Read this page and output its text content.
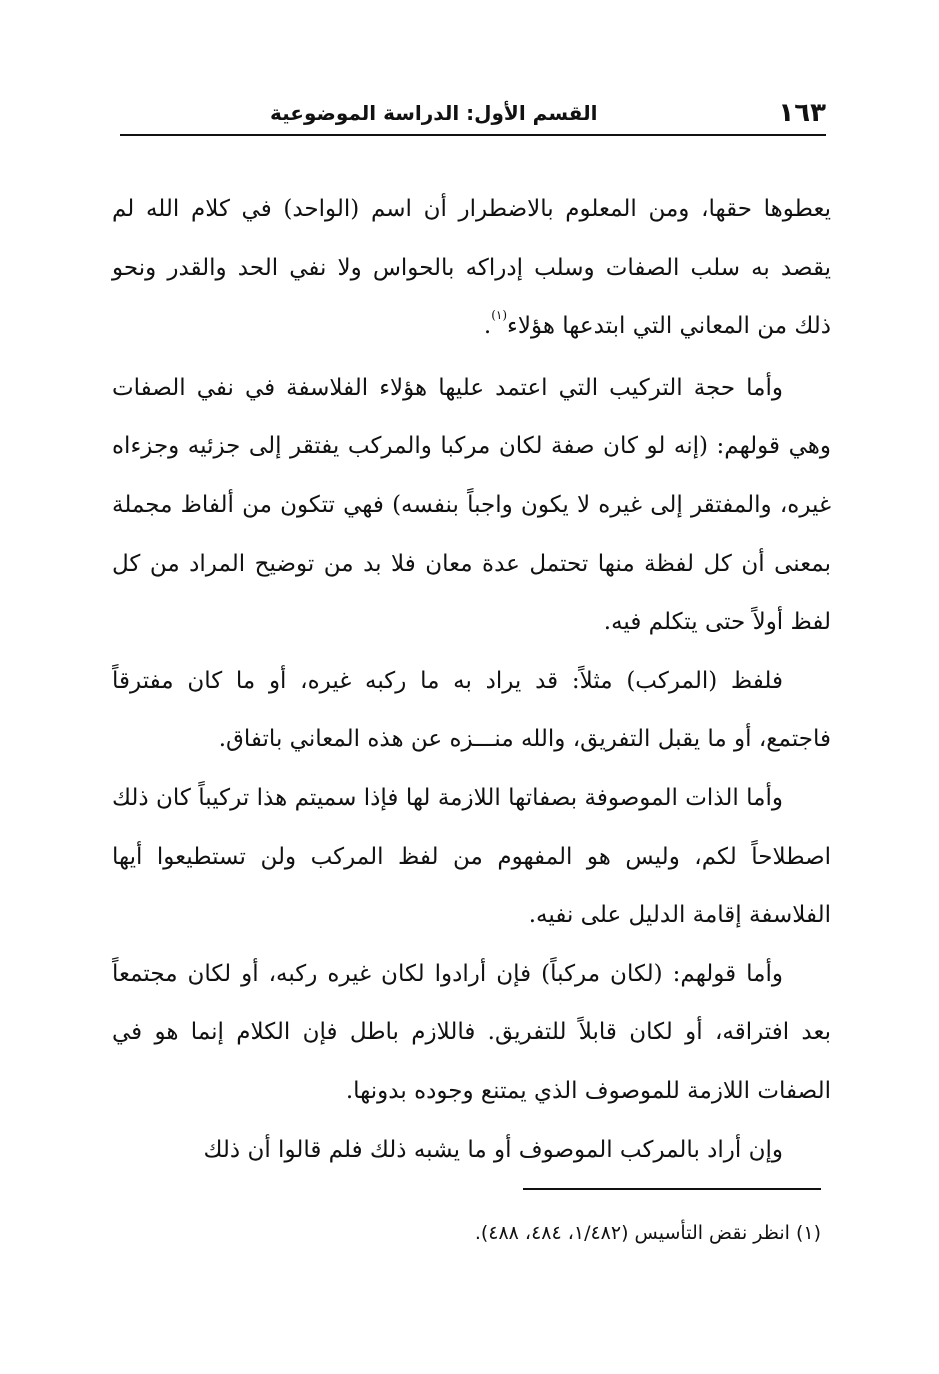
١٦٣
القسم الأول: الدراسة الموضوعية

يعطوها حقها، ومن المعلوم بالاضطرار أن اسم (الواحد) في كلام الله لم يقصد به سلب الصفات وسلب إدراكه بالحواس ولا نفي الحد والقدر ونحو ذلك من المعاني التي ابتدعها هؤلاء$^{(١)}$.

وأما حجة التركيب التي اعتمد عليها هؤلاء الفلاسفة في نفي الصفات وهي قولهم: (إنه لو كان صفة لكان مركبا والمركب يفتقر إلى جزئيه وجزءاه غيره، والمفتقر إلى غيره لا يكون واجباً بنفسه) فهي تتكون من ألفاظ مجملة بمعنى أن كل لفظة منها تحتمل عدة معان فلا بد من توضيح المراد من كل لفظ أولاً حتى يتكلم فيه.

فلفظ (المركب) مثلاً: قد يراد به ما ركبه غيره، أو ما كان مفترقاً فاجتمع، أو ما يقبل التفريق، والله منـــزه عن هذه المعاني باتفاق.

وأما الذات الموصوفة بصفاتها اللازمة لها فإذا سميتم هذا تركيباً كان ذلك اصطلاحاً لكم، وليس هو المفهوم من لفظ المركب ولن تستطيعوا أيها الفلاسفة إقامة الدليل على نفيه.

وأما قولهم: (لكان مركباً) فإن أرادوا لكان غيره ركبه، أو لكان مجتمعاً بعد افتراقه، أو لكان قابلاً للتفريق. فاللازم باطل فإن الكلام إنما هو في الصفات اللازمة للموصوف الذي يمتنع وجوده بدونها.

وإن أراد بالمركب الموصوف أو ما يشبه ذلك فلم قالوا أن ذلك

(١) انظر نقض التأسيس (١/٤٨٢، ٤٨٤، ٤٨٨).
